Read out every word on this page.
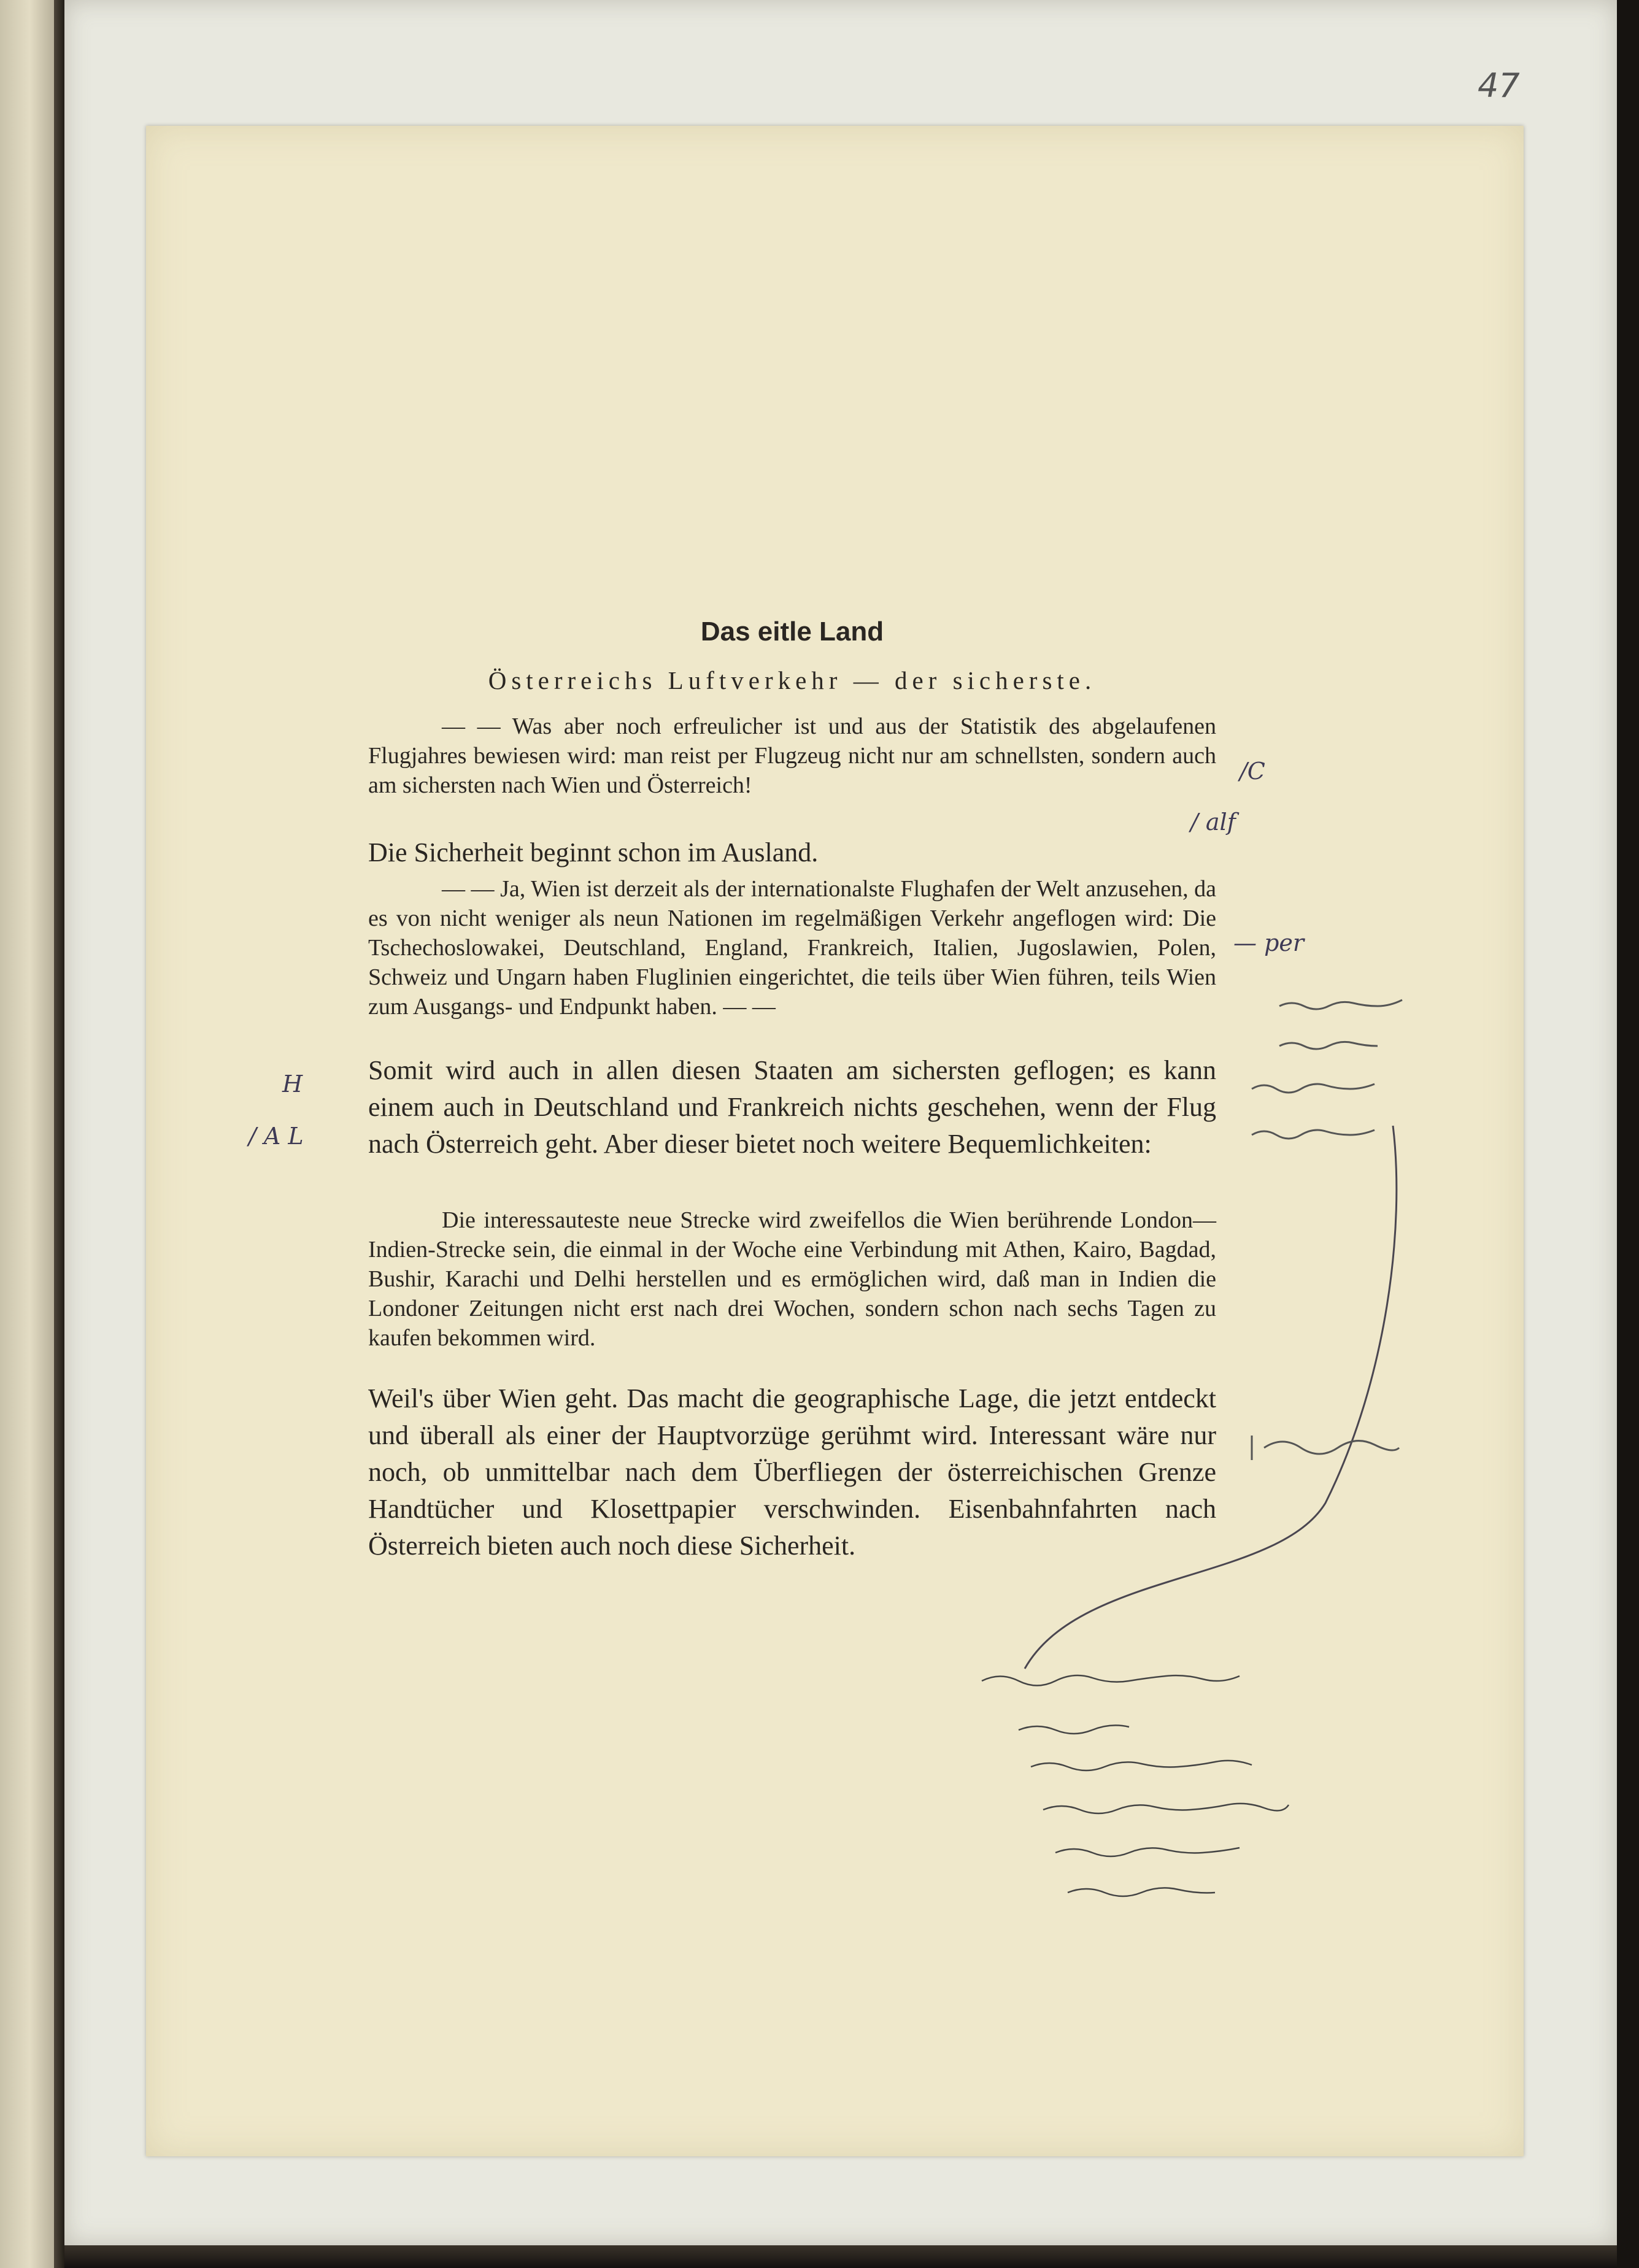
47
Das eitle Land

Österreichs Luftverkehr — der sicherste.

— — Was aber noch erfreulicher ist und aus der Statistik des abgelaufenen Flugjahres bewiesen wird: man reist per Flugzeug nicht nur am schnellsten, sondern auch am sichersten nach Wien und Österreich!

Die Sicherheit beginnt schon im Ausland.

— — Ja, Wien ist derzeit als der internationalste Flughafen der Welt anzusehen, da es von nicht weniger als neun Nationen im regelmäßigen Verkehr angeflogen wird: Die Tschechoslowakei, Deutschland, England, Frankreich, Italien, Jugoslawien, Polen, Schweiz und Ungarn haben Fluglinien eingerichtet, die teils über Wien führen, teils Wien zum Ausgangs- und Endpunkt haben. — —

Somit wird auch in allen diesen Staaten am sichersten geflogen; es kann einem auch in Deutschland und Frankreich nichts geschehen, wenn der Flug nach Österreich geht. Aber dieser bietet noch weitere Bequemlichkeiten:

Die interessauteste neue Strecke wird zweifellos die Wien berührende London—Indien-Strecke sein, die einmal in der Woche eine Verbindung mit Athen, Kairo, Bagdad, Bushir, Karachi und Delhi herstellen und es ermöglichen wird, daß man in Indien die Londoner Zeitungen nicht erst nach drei Wochen, sondern schon nach sechs Tagen zu kaufen bekommen wird.

Weil's über Wien geht. Das macht die geographische Lage, die jetzt entdeckt und überall als einer der Hauptvorzüge gerühmt wird. Interessant wäre nur noch, ob unmittelbar nach dem Überfliegen der österreichischen Grenze Handtücher und Klosettpapier verschwinden. Eisenbahnfahrten nach Österreich bieten auch noch diese Sicherheit.

/C
/ alf
— per
H
/ A L
